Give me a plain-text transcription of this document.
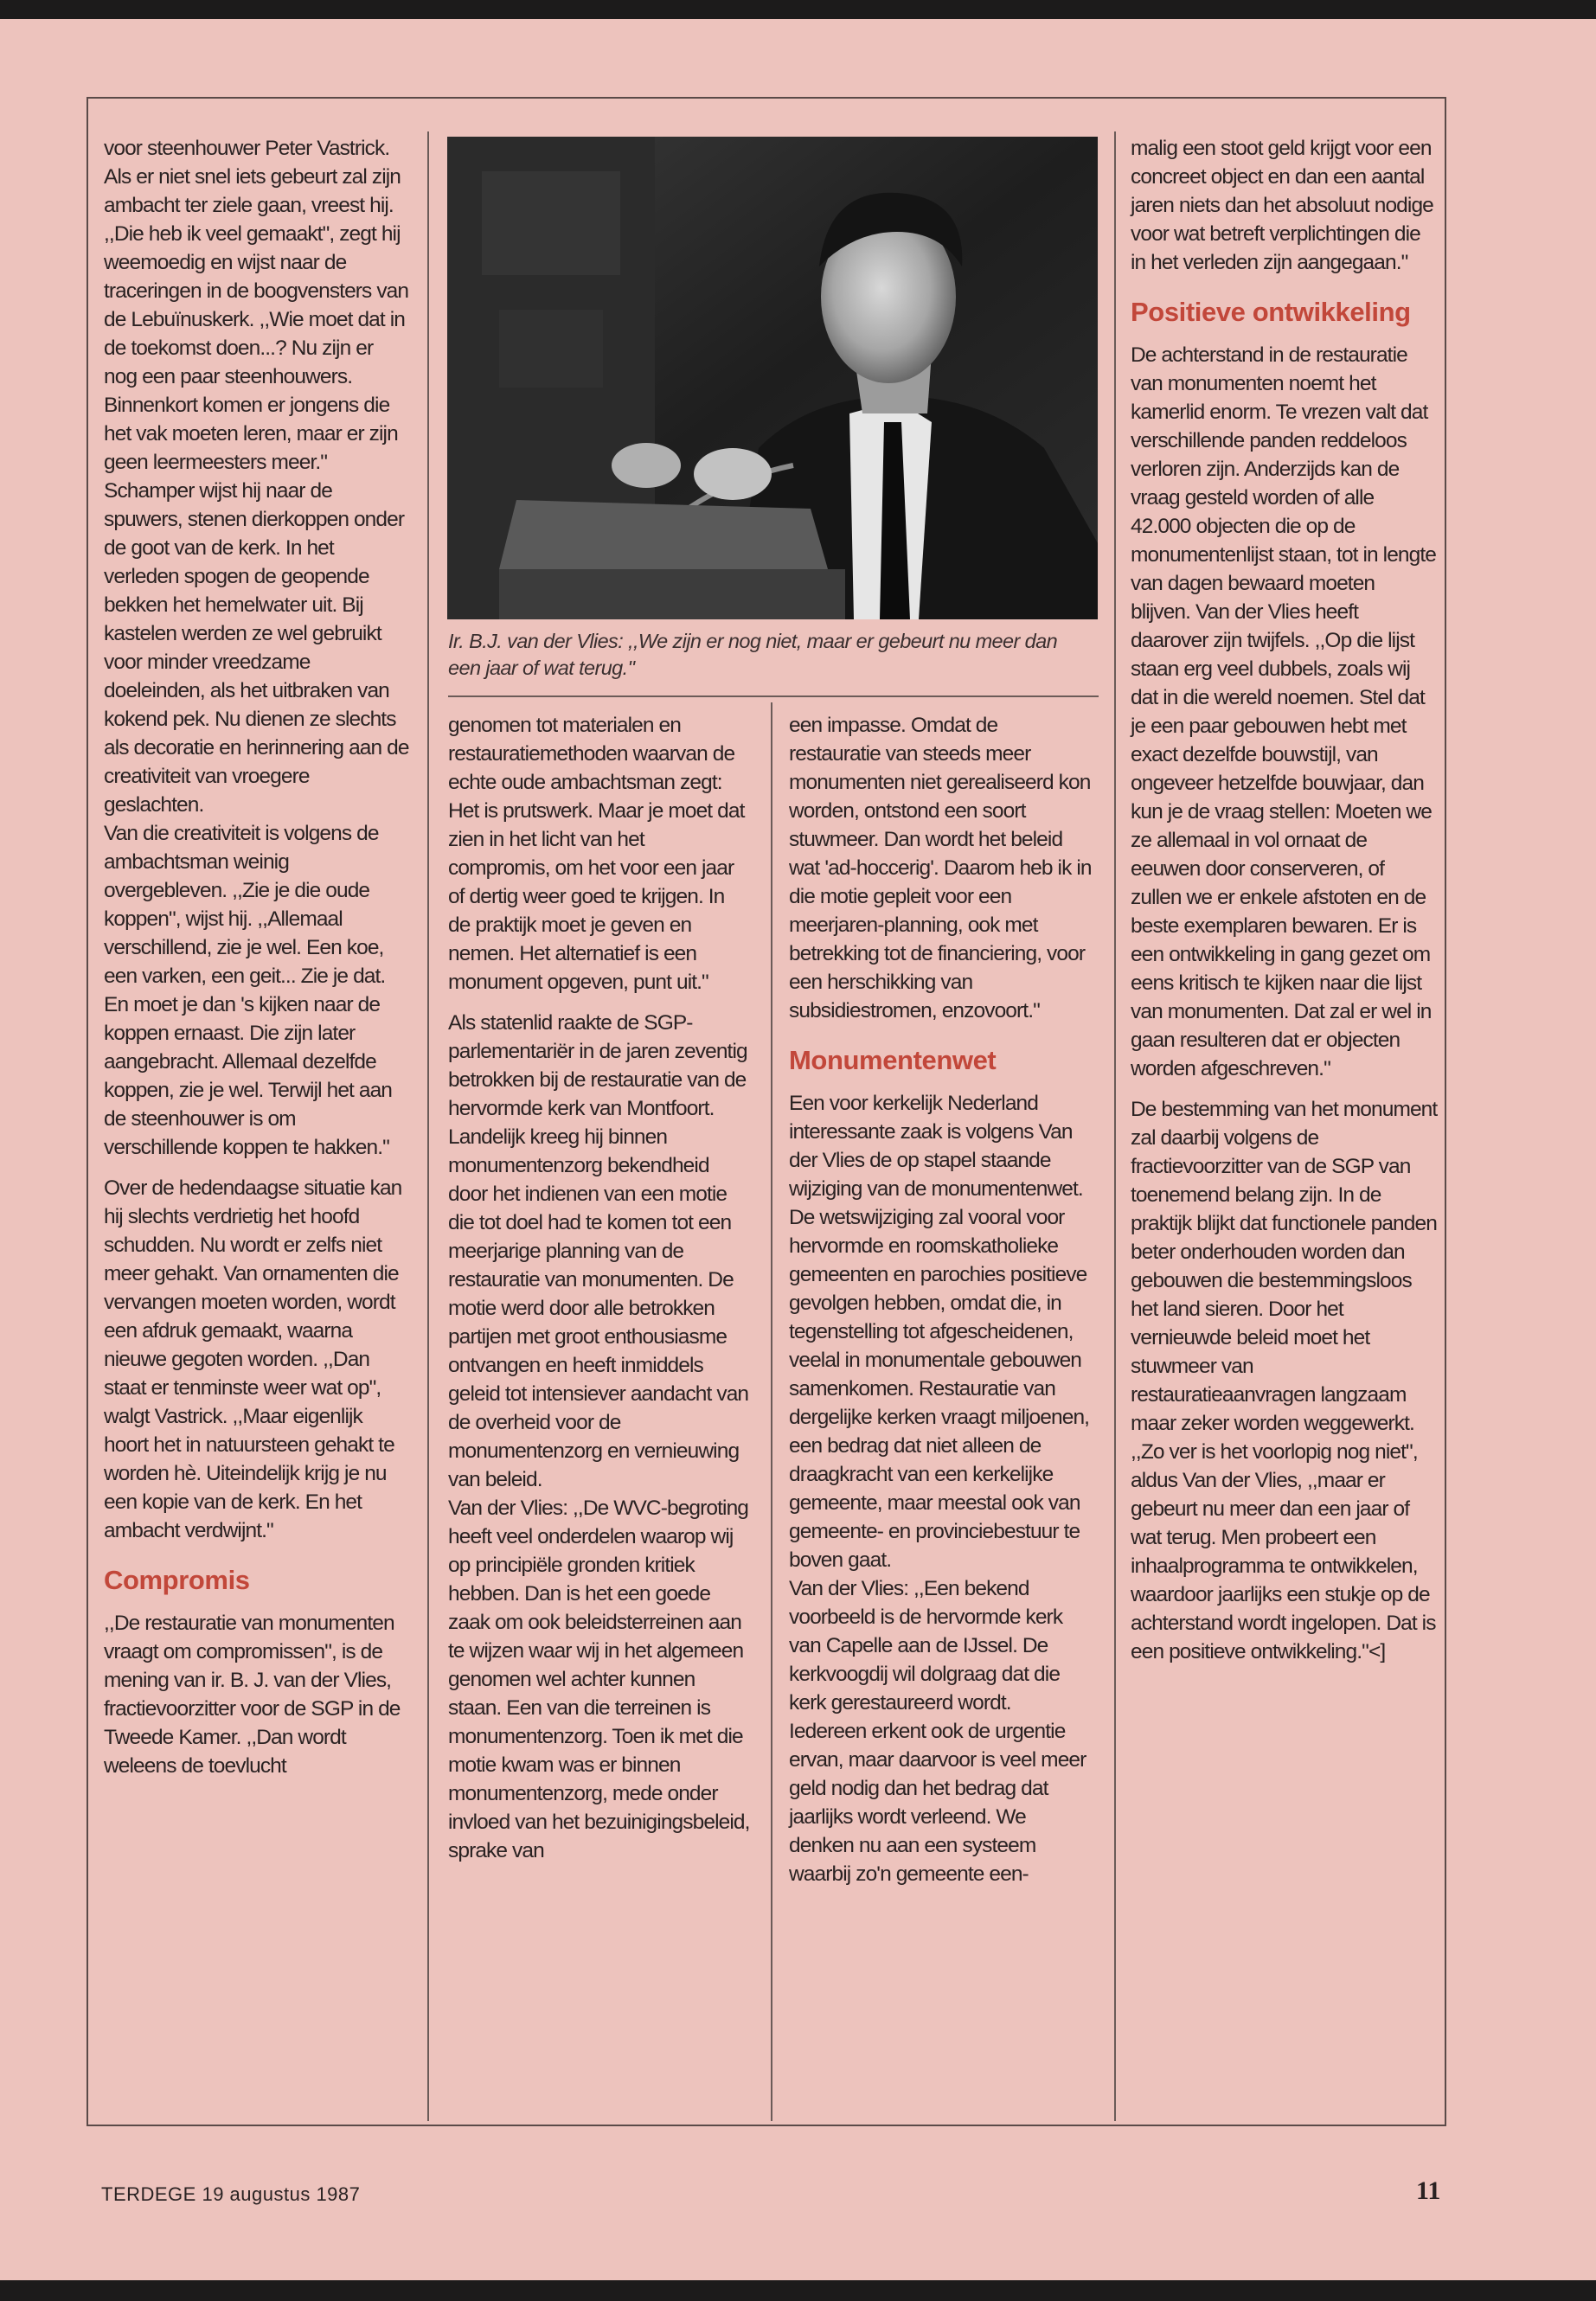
voor steenhouwer Peter Vastrick. Als er niet snel iets gebeurt zal zijn ambacht ter ziele gaan, vreest hij. ,,Die heb ik veel gemaakt", zegt hij weemoedig en wijst naar de traceringen in de boogvensters van de Lebuïnuskerk. ,,Wie moet dat in de toekomst doen...? Nu zijn er nog een paar steenhouwers. Binnenkort komen er jongens die het vak moeten leren, maar er zijn geen leermeesters meer."

Schamper wijst hij naar de spuwers, stenen dierkoppen onder de goot van de kerk. In het verleden spogen de geopende bekken het hemelwater uit. Bij kastelen werden ze wel gebruikt voor minder vreedzame doeleinden, als het uitbraken van kokend pek. Nu dienen ze slechts als decoratie en herinnering aan de creativiteit van vroegere geslachten.

Van die creativiteit is volgens de ambachtsman weinig overgebleven. ,,Zie je die oude koppen", wijst hij. ,,Allemaal verschillend, zie je wel. Een koe, een varken, een geit... Zie je dat. En moet je dan 's kijken naar de koppen ernaast. Die zijn later aangebracht. Allemaal dezelfde koppen, zie je wel. Terwijl het aan de steenhouwer is om verschillende koppen te hakken."

Over de hedendaagse situatie kan hij slechts verdrietig het hoofd schudden. Nu wordt er zelfs niet meer gehakt. Van ornamenten die vervangen moeten worden, wordt een afdruk gemaakt, waarna nieuwe gegoten worden. ,,Dan staat er tenminste weer wat op", walgt Vastrick. ,,Maar eigenlijk hoort het in natuursteen gehakt te worden hè. Uiteindelijk krijg je nu een kopie van de kerk. En het ambacht verdwijnt."

Compromis

,,De restauratie van monumenten vraagt om compromissen", is de mening van ir. B. J. van der Vlies, fractievoorzitter voor de SGP in de Tweede Kamer. ,,Dan wordt weleens de toevlucht

Ir. B.J. van der Vlies: ,,We zijn er nog niet, maar er gebeurt nu meer dan een jaar of wat terug."

genomen tot materialen en restauratiemethoden waarvan de echte oude ambachtsman zegt: Het is prutswerk. Maar je moet dat zien in het licht van het compromis, om het voor een jaar of dertig weer goed te krijgen. In de praktijk moet je geven en nemen. Het alternatief is een monument opgeven, punt uit."

Als statenlid raakte de SGP-parlementariër in de jaren zeventig betrokken bij de restauratie van de hervormde kerk van Montfoort. Landelijk kreeg hij binnen monumentenzorg bekendheid door het indienen van een motie die tot doel had te komen tot een meerjarige planning van de restauratie van monumenten. De motie werd door alle betrokken partijen met groot enthousiasme ontvangen en heeft inmiddels geleid tot intensiever aandacht van de overheid voor de monumentenzorg en vernieuwing van beleid.

Van der Vlies: ,,De WVC-begroting heeft veel onderdelen waarop wij op principiële gronden kritiek hebben. Dan is het een goede zaak om ook beleidsterreinen aan te wijzen waar wij in het algemeen genomen wel achter kunnen staan. Een van die terreinen is monumentenzorg. Toen ik met die motie kwam was er binnen monumentenzorg, mede onder invloed van het bezuinigingsbeleid, sprake van

een impasse. Omdat de restauratie van steeds meer monumenten niet gerealiseerd kon worden, ontstond een soort stuwmeer. Dan wordt het beleid wat 'ad-hoccerig'. Daarom heb ik in die motie gepleit voor een meerjaren-planning, ook met betrekking tot de financiering, voor een herschikking van subsidiestromen, enzovoort."

Monumentenwet

Een voor kerkelijk Nederland interessante zaak is volgens Van der Vlies de op stapel staande wijziging van de monumentenwet. De wetswijziging zal vooral voor hervormde en roomskatholieke gemeenten en parochies positieve gevolgen hebben, omdat die, in tegenstelling tot afgescheidenen, veelal in monumentale gebouwen samenkomen. Restauratie van dergelijke kerken vraagt miljoenen, een bedrag dat niet alleen de draagkracht van een kerkelijke gemeente, maar meestal ook van gemeente- en provinciebestuur te boven gaat.

Van der Vlies: ,,Een bekend voorbeeld is de hervormde kerk van Capelle aan de IJssel. De kerkvoogdij wil dolgraag dat die kerk gerestaureerd wordt. Iedereen erkent ook de urgentie ervan, maar daarvoor is veel meer geld nodig dan het bedrag dat jaarlijks wordt verleend. We denken nu aan een systeem waarbij zo'n gemeente een-

malig een stoot geld krijgt voor een concreet object en dan een aantal jaren niets dan het absoluut nodige voor wat betreft verplichtingen die in het verleden zijn aangegaan."

Positieve ontwikkeling

De achterstand in de restauratie van monumenten noemt het kamerlid enorm. Te vrezen valt dat verschillende panden reddeloos verloren zijn. Anderzijds kan de vraag gesteld worden of alle 42.000 objecten die op de monumentenlijst staan, tot in lengte van dagen bewaard moeten blijven. Van der Vlies heeft daarover zijn twijfels. ,,Op die lijst staan erg veel dubbels, zoals wij dat in die wereld noemen. Stel dat je een paar gebouwen hebt met exact dezelfde bouwstijl, van ongeveer hetzelfde bouwjaar, dan kun je de vraag stellen: Moeten we ze allemaal in vol ornaat de eeuwen door conserveren, of zullen we er enkele afstoten en de beste exemplaren bewaren. Er is een ontwikkeling in gang gezet om eens kritisch te kijken naar die lijst van monumenten. Dat zal er wel in gaan resulteren dat er objecten worden afgeschreven."

De bestemming van het monument zal daarbij volgens de fractievoorzitter van de SGP van toenemend belang zijn. In de praktijk blijkt dat functionele panden beter onderhouden worden dan gebouwen die bestemmingsloos het land sieren. Door het vernieuwde beleid moet het stuwmeer van restauratieaanvragen langzaam maar zeker worden weggewerkt.

,,Zo ver is het voorlopig nog niet", aldus Van der Vlies, ,,maar er gebeurt nu meer dan een jaar of wat terug. Men probeert een inhaalprogramma te ontwikkelen, waardoor jaarlijks een stukje op de achterstand wordt ingelopen. Dat is een positieve ontwikkeling."<]

TERDEGE 19 augustus 1987	11
